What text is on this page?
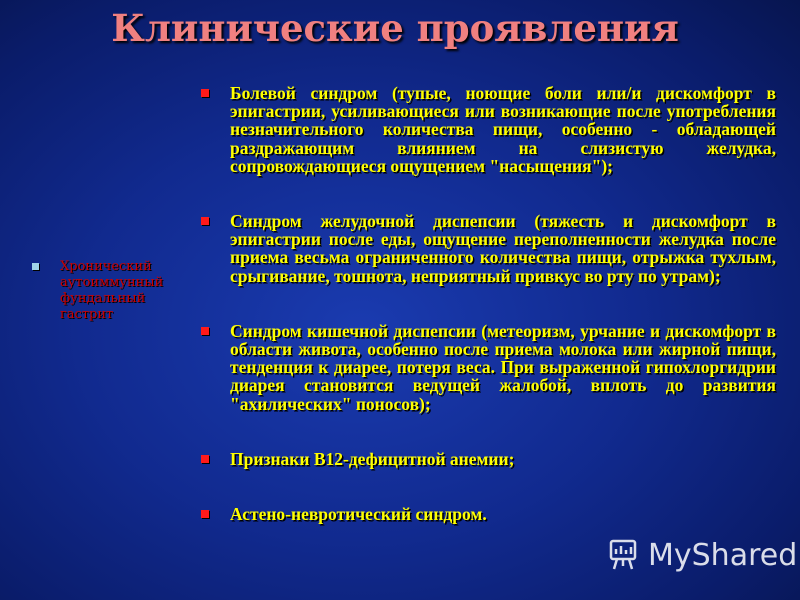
Клинические проявления
Хронический аутоиммунный фундальный гастрит
Болевой синдром (тупые, ноющие боли или/и дискомфорт в эпигастрии, усиливающиеся или возникающие после употребления незначительного количества пищи, особенно - обладающей раздражающим влиянием на слизистую желудка, сопровождающиеся ощущением "насыщения");
Синдром желудочной диспепсии (тяжесть и дискомфорт в эпигастрии после еды, ощущение переполненности желудка после приема весьма ограниченного количества пищи, отрыжка тухлым, срыгивание, тошнота, неприятный привкус во рту по утрам);
Синдром кишечной диспепсии (метеоризм, урчание и дискомфорт в области живота, особенно после приема молока или жирной пищи, тенденция к диарее, потеря веса. При выраженной гипохлоргидрии диарея становится ведущей жалобой, вплоть до развития "ахилических" поносов);
Признаки В12-дефицитной анемии;
Астено-невротический синдром.
MyShared
